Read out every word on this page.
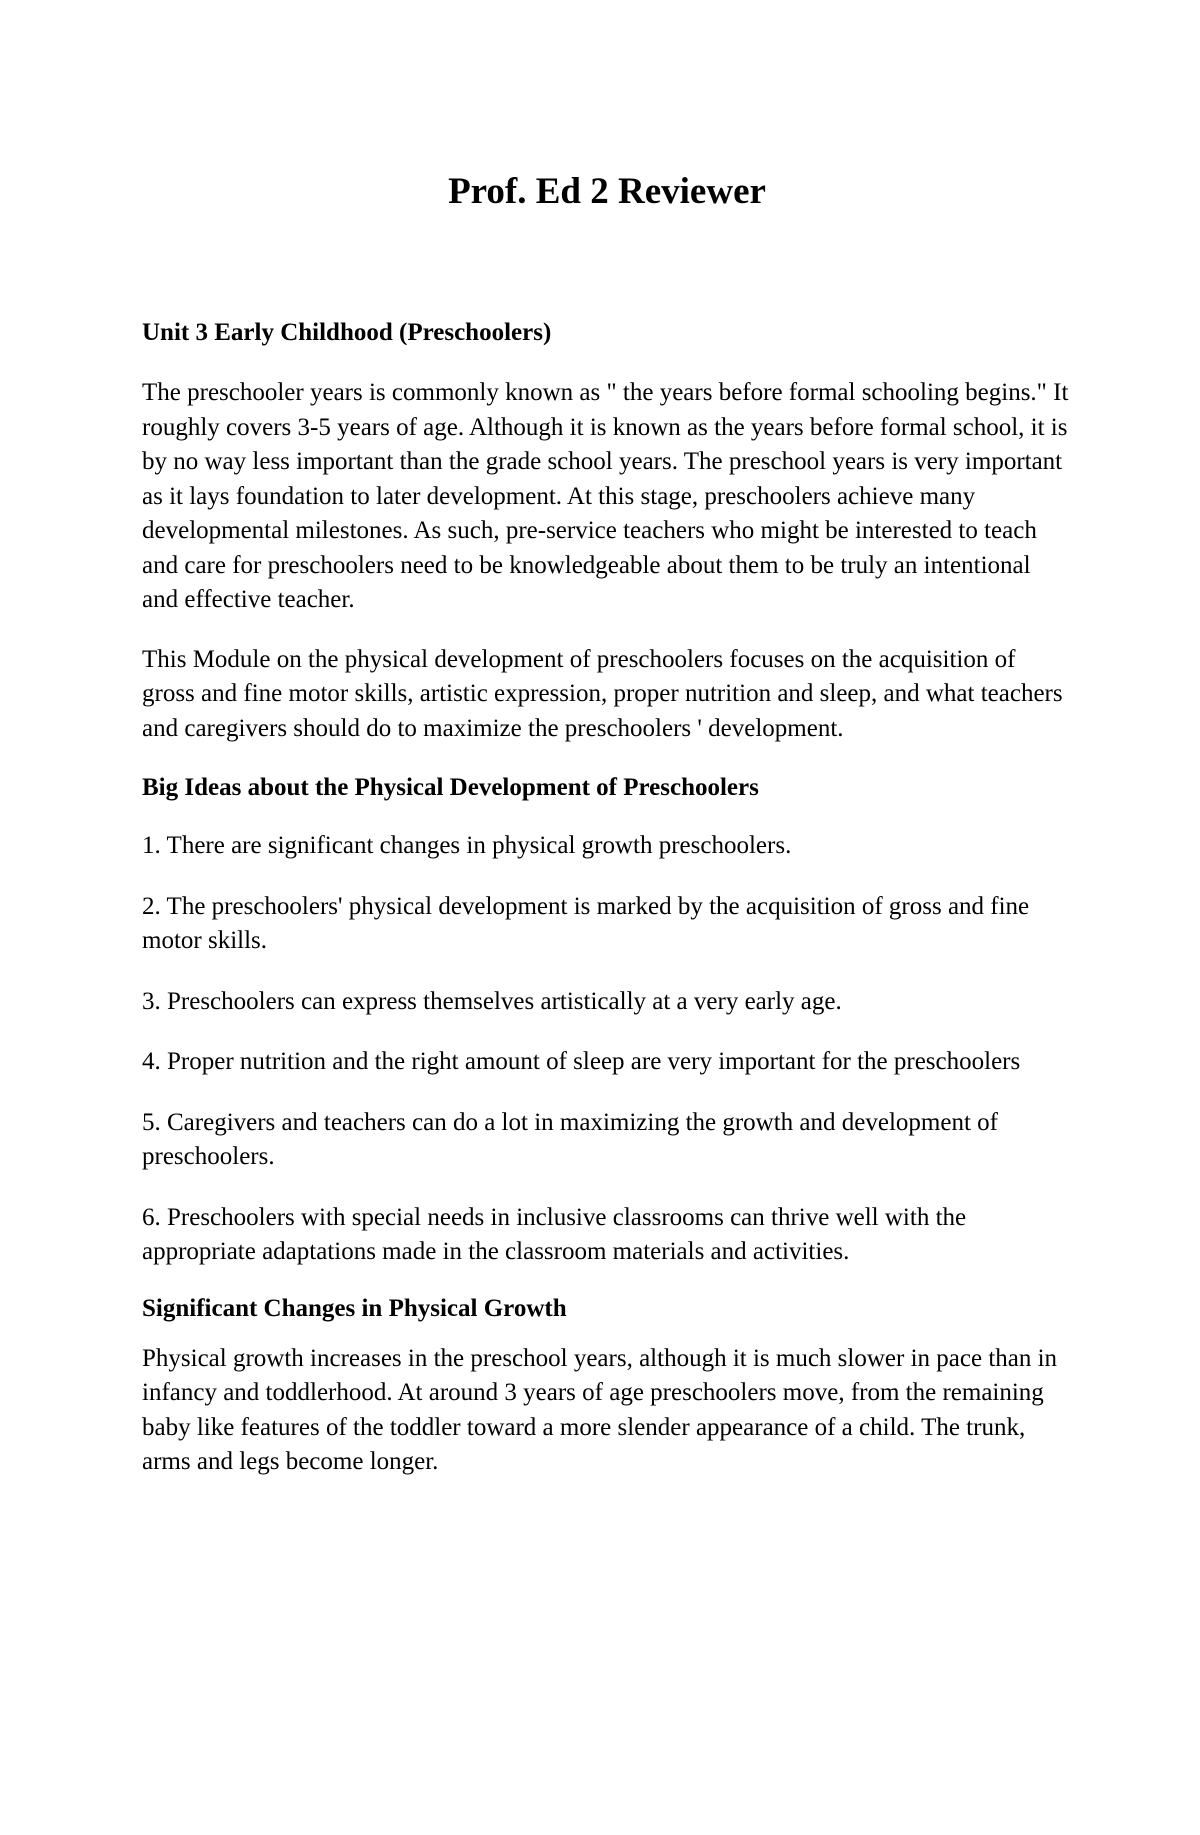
Prof. Ed 2 Reviewer
Unit 3 Early Childhood (Preschoolers)

The preschooler years is commonly known as " the years before formal schooling begins." It roughly covers 3-5 years of age. Although it is known as the years before formal school, it is by no way less important than the grade school years. The preschool years is very important as it lays foundation to later development. At this stage, preschoolers achieve many developmental milestones. As such, pre-service teachers who might be interested to teach and care for preschoolers need to be knowledgeable about them to be truly an intentional and effective teacher.

This Module on the physical development of preschoolers focuses on the acquisition of gross and fine motor skills, artistic expression, proper nutrition and sleep, and what teachers and caregivers should do to maximize the preschoolers ' development.

Big Ideas about the Physical Development of Preschoolers

1. There are significant changes in physical growth preschoolers.

2. The preschoolers' physical development is marked by the acquisition of gross and fine motor skills.

3. Preschoolers can express themselves artistically at a very early age.

4. Proper nutrition and the right amount of sleep are very important for the preschoolers

5. Caregivers and teachers can do a lot in maximizing the growth and development of preschoolers.

6. Preschoolers with special needs in inclusive classrooms can thrive well with the appropriate adaptations made in the classroom materials and activities.

Significant Changes in Physical Growth

Physical growth increases in the preschool years, although it is much slower in pace than in infancy and toddlerhood. At around 3 years of age preschoolers move, from the remaining baby like features of the toddler toward a more slender appearance of a child. The trunk, arms and legs become longer.
